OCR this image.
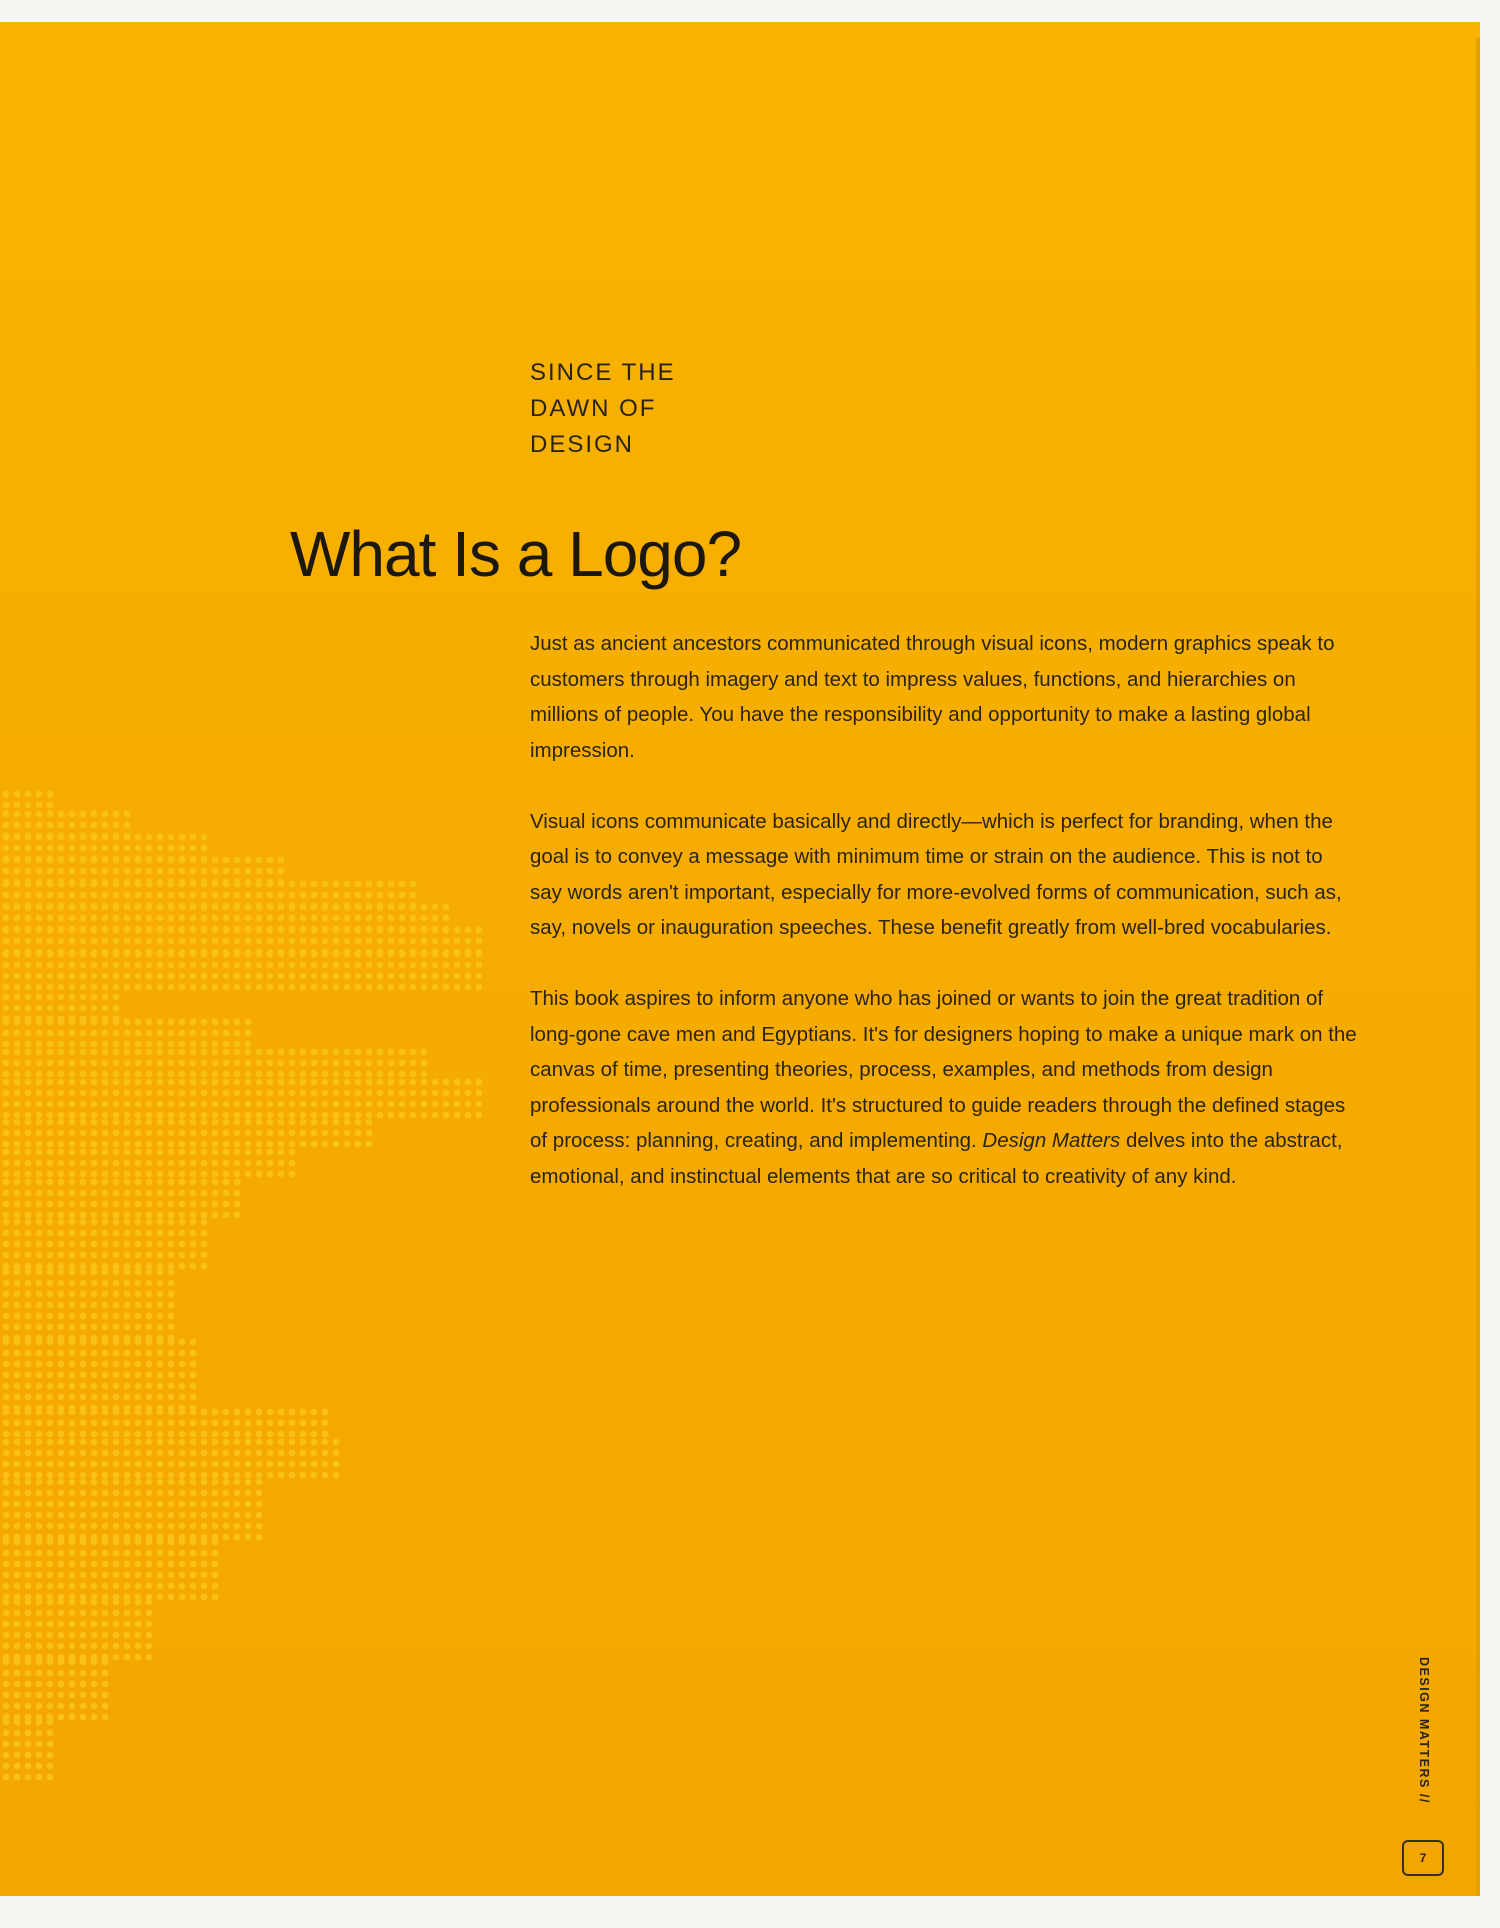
SINCE THE
DAWN OF
DESIGN
What Is a Logo?

Just as ancient ancestors communicated through visual icons, modern graphics speak to customers through imagery and text to impress values, functions, and hierarchies on millions of people. You have the responsibility and opportunity to make a lasting global impression.

Visual icons communicate basically and directly—which is perfect for branding, when the goal is to convey a message with minimum time or strain on the audience. This is not to say words aren't important, especially for more-evolved forms of communication, such as, say, novels or inauguration speeches. These benefit greatly from well-bred vocabularies.

This book aspires to inform anyone who has joined or wants to join the great tradition of long-gone cave men and Egyptians. It's for designers hoping to make a unique mark on the canvas of time, presenting theories, process, examples, and methods from design professionals around the world. It's structured to guide readers through the defined stages of process: planning, creating, and implementing. Design Matters delves into the abstract, emotional, and instinctual elements that are so critical to creativity of any kind.

DESIGN MATTERS //
7
